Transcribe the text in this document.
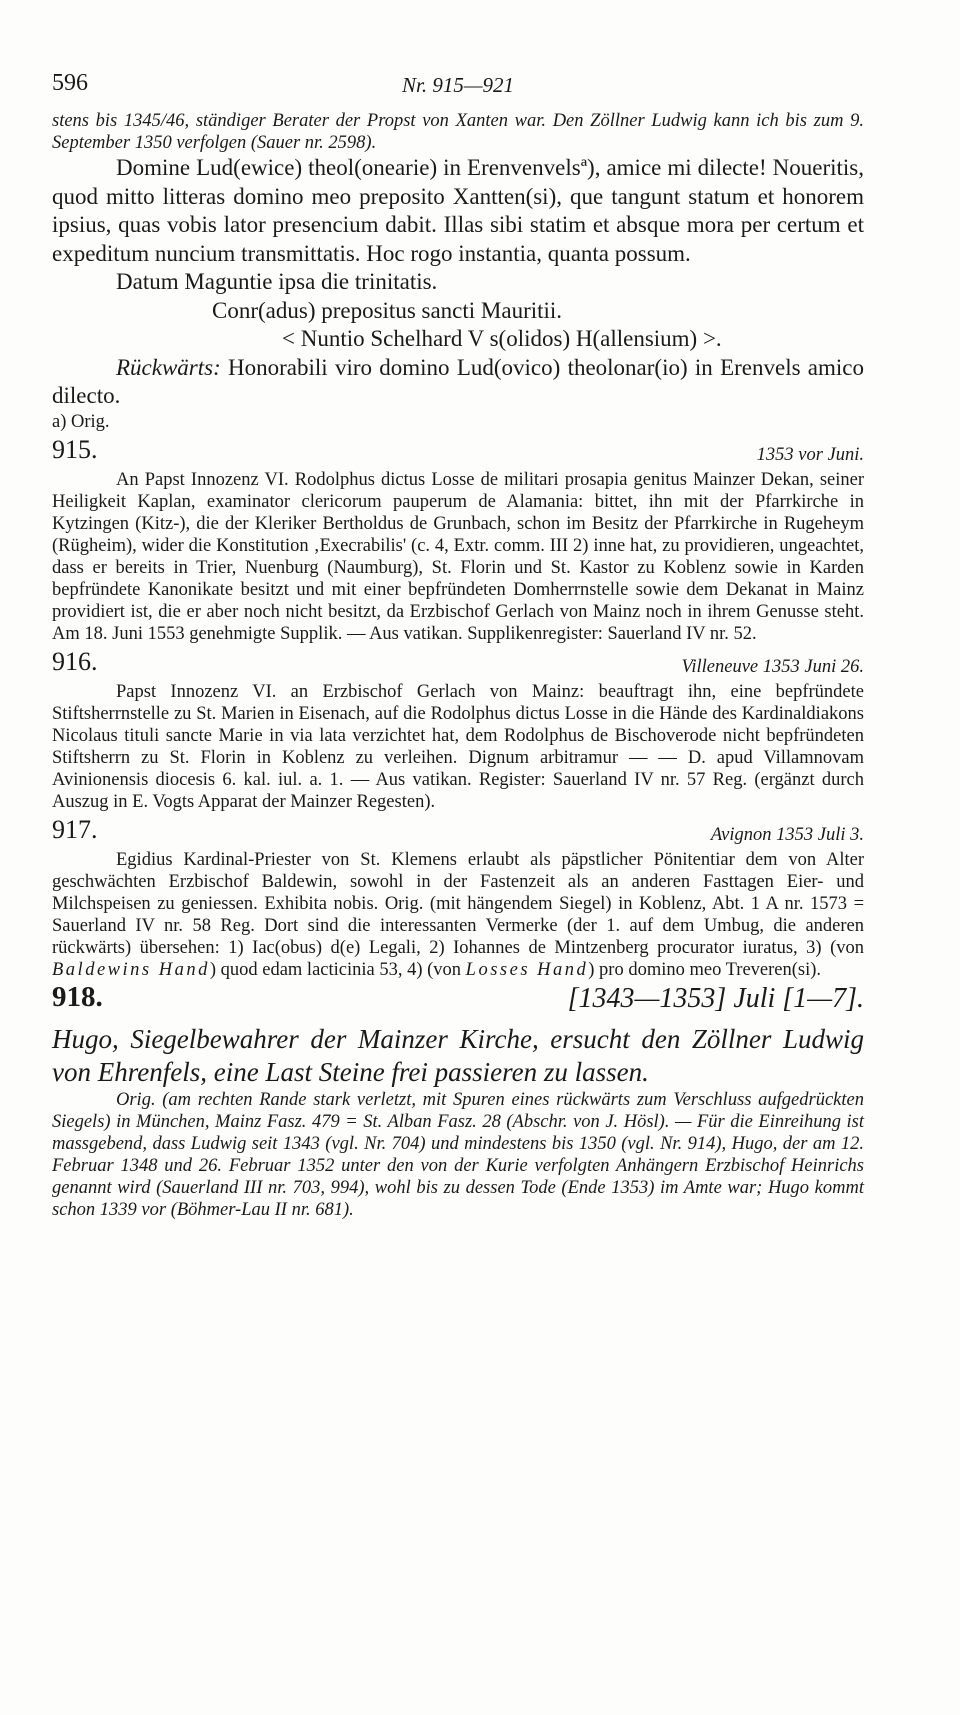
596	Nr. 915—921

stens bis 1345/46, ständiger Berater der Propst von Xanten war. Den Zöllner Ludwig kann ich bis zum 9. September 1350 verfolgen (Sauer nr. 2598).

Domine Lud(ewice) theol(onearie) in Erenvenvelsª), amice mi dilecte! Noueritis, quod mitto litteras domino meo preposito Xantten(si), que tangunt statum et honorem ipsius, quas vobis lator presencium dabit. Illas sibi statim et absque mora per certum et expeditum nuncium transmittatis. Hoc rogo instantia, quanta possum.

Datum Maguntie ipsa die trinitatis.

Conr(adus) prepositus sancti Mauritii.

˂ Nuntio Schelhard V s(olidos) H(allensium) ˃.

Rückwärts: Honorabili viro domino Lud(ovico) theolonar(io) in Erenvels amico dilecto.

a) Orig.

915.	1353 vor Juni.

An Papst Innozenz VI. Rodolphus dictus Losse de militari prosapia genitus Mainzer Dekan, seiner Heiligkeit Kaplan, examinator clericorum pauperum de Alamania: bittet, ihn mit der Pfarrkirche in Kytzingen (Kitz-), die der Kleriker Bertholdus de Grunbach, schon im Besitz der Pfarrkirche in Rugeheym (Rügheim), wider die Konstitution ‚Execrabilis' (c. 4, Extr. comm. III 2) inne hat, zu providieren, ungeachtet, dass er bereits in Trier, Nuenburg (Naumburg), St. Florin und St. Kastor zu Koblenz sowie in Karden bepfründete Kanonikate besitzt und mit einer bepfründeten Domherrnstelle sowie dem Dekanat in Mainz providiert ist, die er aber noch nicht besitzt, da Erzbischof Gerlach von Mainz noch in ihrem Genusse steht. Am 18. Juni 1553 genehmigte Supplik. — Aus vatikan. Supplikenregister: Sauerland IV nr. 52.

916.	Villeneuve 1353 Juni 26.

Papst Innozenz VI. an Erzbischof Gerlach von Mainz: beauftragt ihn, eine bepfründete Stiftsherrnstelle zu St. Marien in Eisenach, auf die Rodolphus dictus Losse in die Hände des Kardinaldiakons Nicolaus tituli sancte Marie in via lata verzichtet hat, dem Rodolphus de Bischoverode nicht bepfründeten Stiftsherrn zu St. Florin in Koblenz zu verleihen. Dignum arbitramur — — D. apud Villamnovam Avinionensis diocesis 6. kal. iul. a. 1. — Aus vatikan. Register: Sauerland IV nr. 57 Reg. (ergänzt durch Auszug in E. Vogts Apparat der Mainzer Regesten).

917.	Avignon 1353 Juli 3.

Egidius Kardinal-Priester von St. Klemens erlaubt als päpstlicher Pönitentiar dem von Alter geschwächten Erzbischof Baldewin, sowohl in der Fastenzeit als an anderen Fasttagen Eier- und Milchspeisen zu geniessen. Exhibita nobis. Orig. (mit hängendem Siegel) in Koblenz, Abt. 1 A nr. 1573 = Sauerland IV nr. 58 Reg. Dort sind die interessanten Vermerke (der 1. auf dem Umbug, die anderen rückwärts) übersehen: 1) Iac(obus) d(e) Legali, 2) Iohannes de Mintzenberg procurator iuratus, 3) (von Baldewins Hand) quod edam lacticinia 53, 4) (von Losses Hand) pro domino meo Treveren(si).

918.	[1343—1353] Juli [1—7].

Hugo, Siegelbewahrer der Mainzer Kirche, ersucht den Zöllner Ludwig von Ehrenfels, eine Last Steine frei passieren zu lassen.

Orig. (am rechten Rande stark verletzt, mit Spuren eines rückwärts zum Verschluss aufgedrückten Siegels) in München, Mainz Fasz. 479 = St. Alban Fasz. 28 (Abschr. von J. Hösl). — Für die Einreihung ist massgebend, dass Ludwig seit 1343 (vgl. Nr. 704) und mindestens bis 1350 (vgl. Nr. 914), Hugo, der am 12. Februar 1348 und 26. Februar 1352 unter den von der Kurie verfolgten Anhängern Erzbischof Heinrichs genannt wird (Sauerland III nr. 703, 994), wohl bis zu dessen Tode (Ende 1353) im Amte war; Hugo kommt schon 1339 vor (Böhmer-Lau II nr. 681).
